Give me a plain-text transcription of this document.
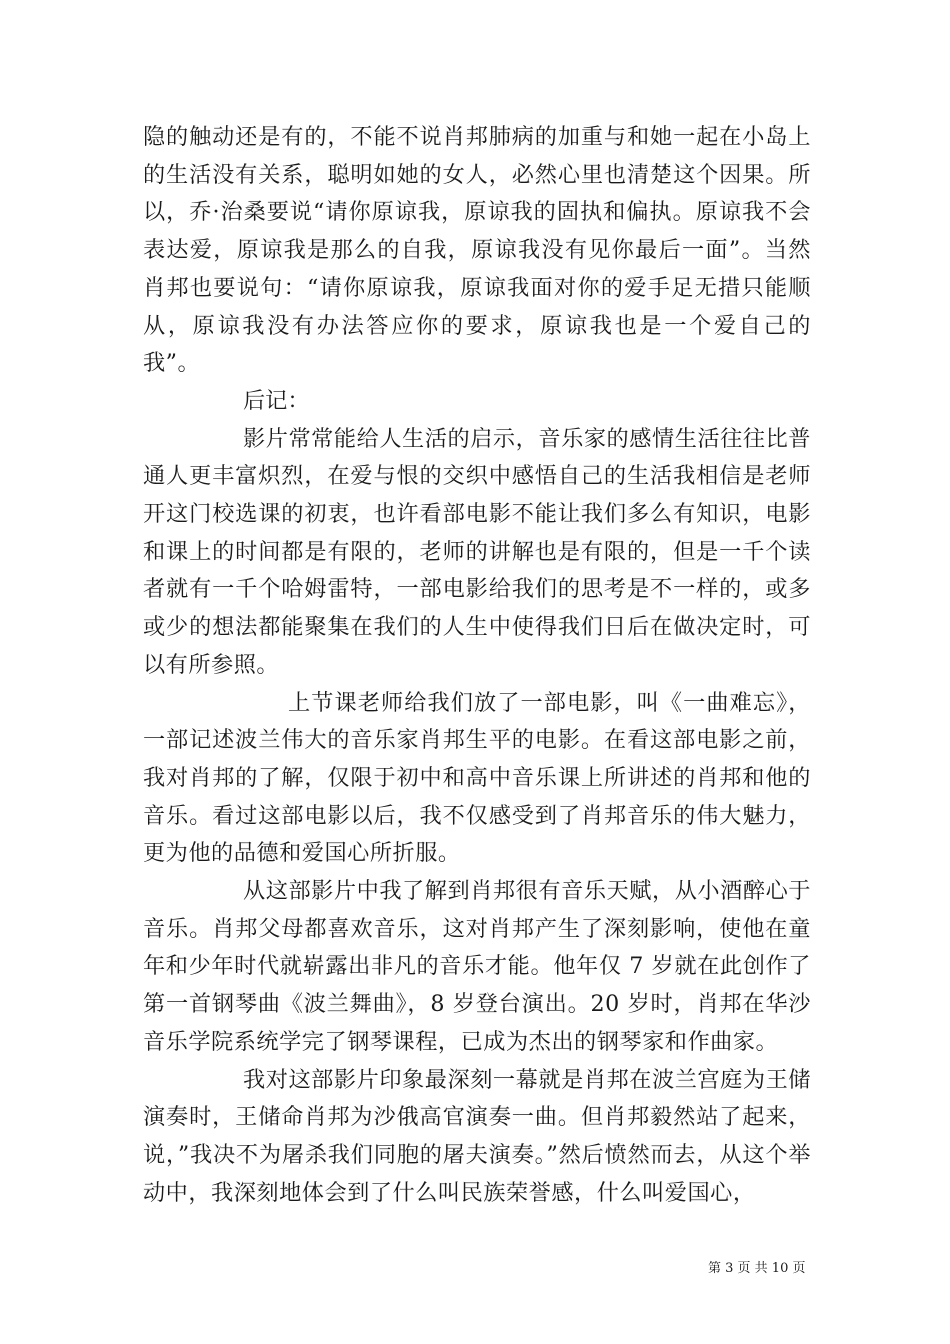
隐的触动还是有的，不能不说肖邦肺病的加重与和她一起在小岛上的生活没有关系，聪明如她的女人，必然心里也清楚这个因果。所以，乔·治桑要说“请你原谅我，原谅我的固执和偏执。原谅我不会表达爱，原谅我是那么的自我，原谅我没有见你最后一面”。当然肖邦也要说句：“请你原谅我，原谅我面对你的爱手足无措只能顺从，原谅我没有办法答应你的要求，原谅我也是一个爱自己的我”。

后记：

影片常常能给人生活的启示，音乐家的感情生活往往比普通人更丰富炽烈，在爱与恨的交织中感悟自己的生活我相信是老师开这门校选课的初衷，也许看部电影不能让我们多么有知识，电影和课上的时间都是有限的，老师的讲解也是有限的，但是一千个读者就有一千个哈姆雷特，一部电影给我们的思考是不一样的，或多或少的想法都能聚集在我们的人生中使得我们日后在做决定时，可以有所参照。

上节课老师给我们放了一部电影，叫《一曲难忘》，一部记述波兰伟大的音乐家肖邦生平的电影。在看这部电影之前，我对肖邦的了解，仅限于初中和高中音乐课上所讲述的肖邦和他的音乐。看过这部电影以后，我不仅感受到了肖邦音乐的伟大魅力，更为他的品德和爱国心所折服。

从这部影片中我了解到肖邦很有音乐天赋，从小酒醉心于音乐。肖邦父母都喜欢音乐，这对肖邦产生了深刻影响，使他在童年和少年时代就崭露出非凡的音乐才能。他年仅 7 岁就在此创作了第一首钢琴曲《波兰舞曲》，8 岁登台演出。20 岁时，肖邦在华沙音乐学院系统学完了钢琴课程，已成为杰出的钢琴家和作曲家。

我对这部影片印象最深刻一幕就是肖邦在波兰宫庭为王储演奏时，王储命肖邦为沙俄高官演奏一曲。但肖邦毅然站了起来，说，”我决不为屠杀我们同胞的屠夫演奏。”然后愤然而去，从这个举动中，我深刻地体会到了什么叫民族荣誉感，什么叫爱国心，

第 3 页 共 10 页
